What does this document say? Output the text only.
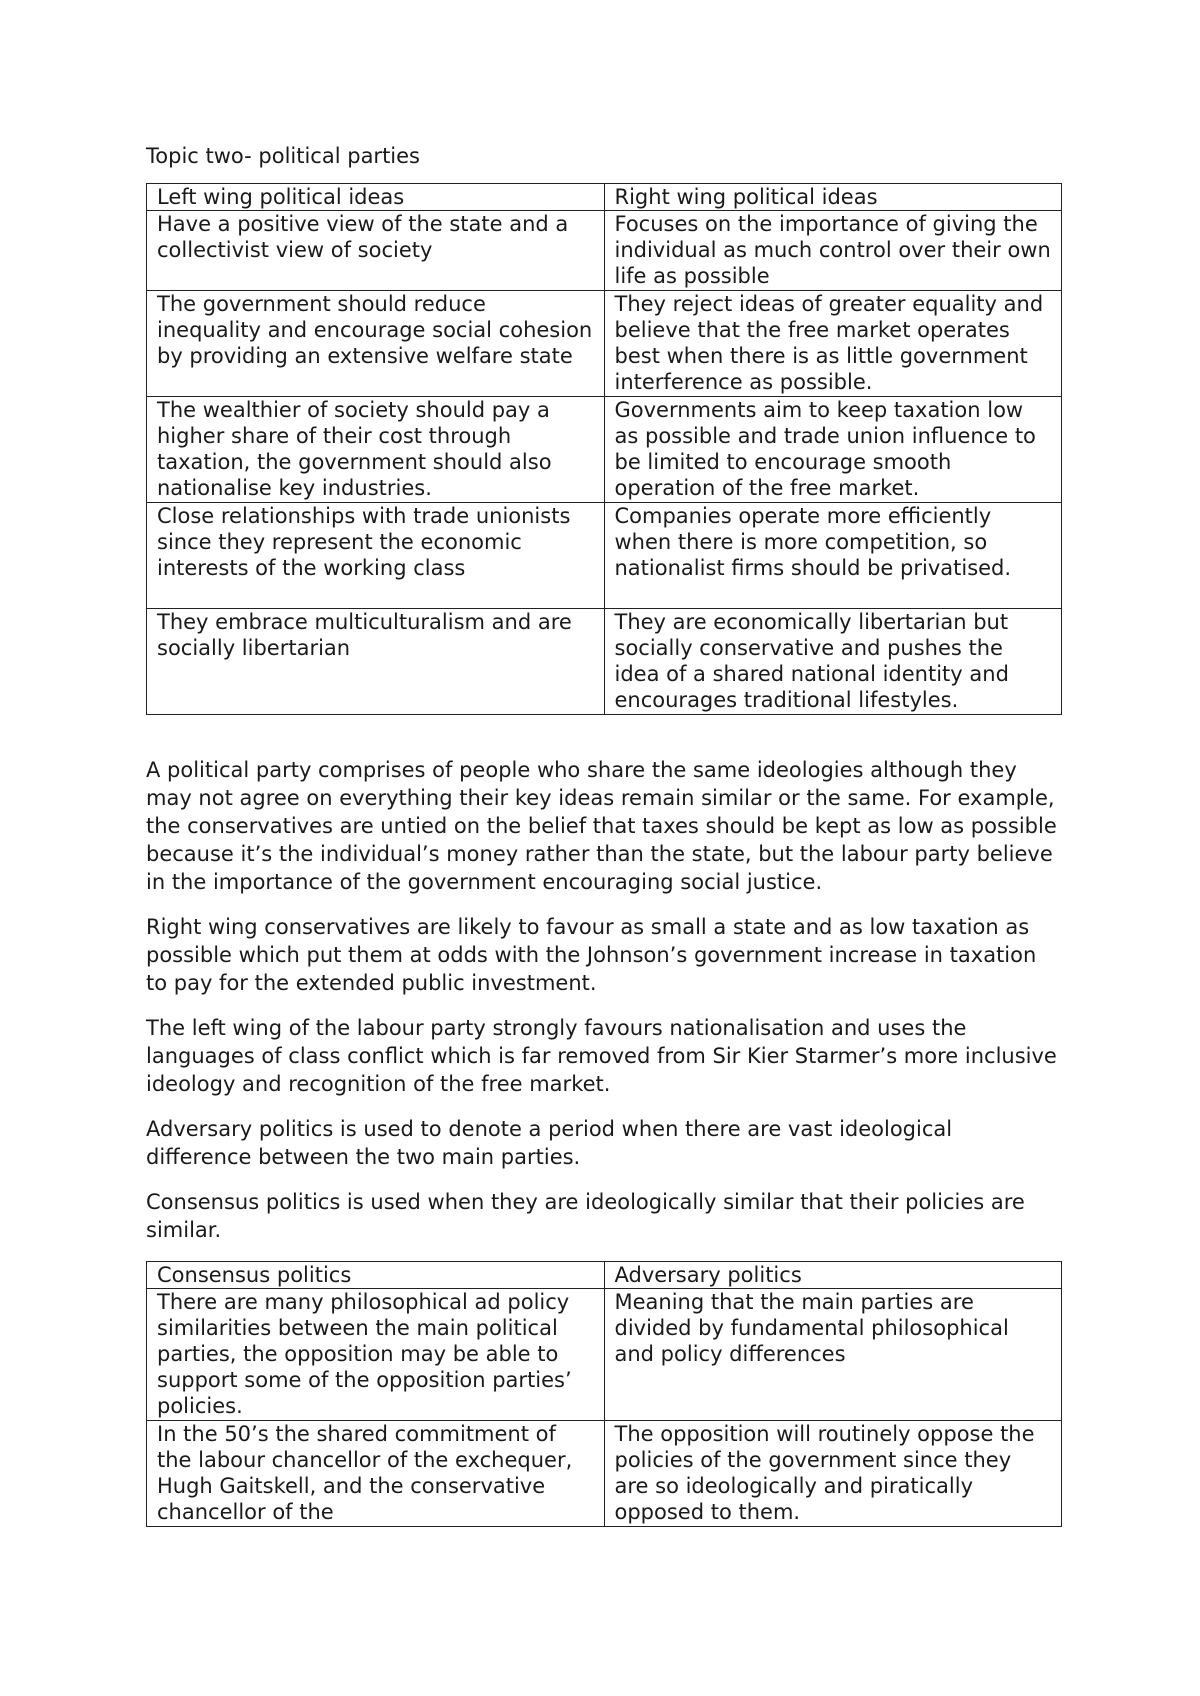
Topic two- political parties

Left wing political ideas	Right wing political ideas
Have a positive view of the state and a collectivist view of society	Focuses on the importance of giving the individual as much control over their own life as possible
The government should reduce inequality and encourage social cohesion by providing an extensive welfare state	They reject ideas of greater equality and believe that the free market operates best when there is as little government interference as possible.
The wealthier of society should pay a higher share of their cost through taxation, the government should also nationalise key industries.	Governments aim to keep taxation low as possible and trade union influence to be limited to encourage smooth operation of the free market.
Close relationships with trade unionists since they represent the economic interests of the working class	Companies operate more efficiently when there is more competition, so nationalist firms should be privatised.
They embrace multiculturalism and are socially libertarian	They are economically libertarian but socially conservative and pushes the idea of a shared national identity and encourages traditional lifestyles.

A political party comprises of people who share the same ideologies although they may not agree on everything their key ideas remain similar or the same. For example, the conservatives are untied on the belief that taxes should be kept as low as possible because it’s the individual’s money rather than the state, but the labour party believe in the importance of the government encouraging social justice.

Right wing conservatives are likely to favour as small a state and as low taxation as possible which put them at odds with the Johnson’s government increase in taxation to pay for the extended public investment.

The left wing of the labour party strongly favours nationalisation and uses the languages of class conflict which is far removed from Sir Kier Starmer’s more inclusive ideology and recognition of the free market.

Adversary politics is used to denote a period when there are vast ideological difference between the two main parties.

Consensus politics is used when they are ideologically similar that their policies are similar.

Consensus politics	Adversary politics
There are many philosophical ad policy similarities between the main political parties, the opposition may be able to support some of the opposition parties’ policies.	Meaning that the main parties are divided by fundamental philosophical and policy differences
In the 50’s the shared commitment of the labour chancellor of the exchequer, Hugh Gaitskell, and the conservative chancellor of the	The opposition will routinely oppose the policies of the government since they are so ideologically and piratically opposed to them.
